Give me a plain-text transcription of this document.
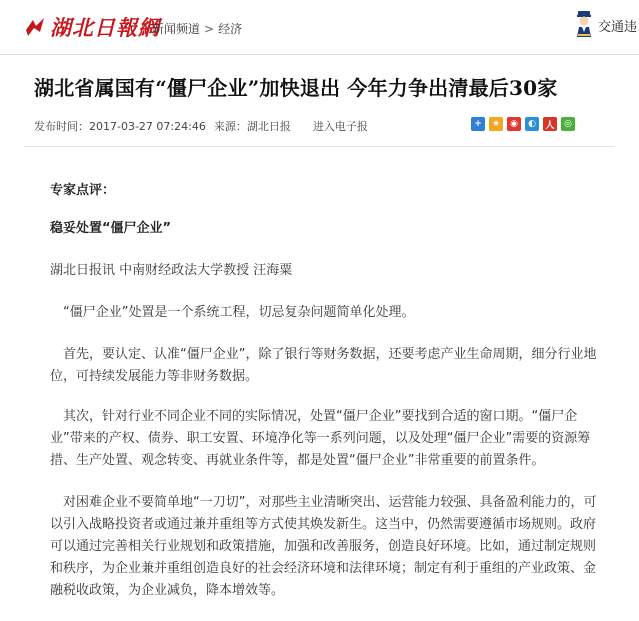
湖北日報網
新闻频道 > 经济	交通违
湖北省属国有“僵尸企业”加快退出 今年力争出清最后30家
发布时间：2017-03-27 07:24:46 来源：湖北日报 进入电子报	+	★	◉	◐	人	◎

专家点评：

稳妥处置“僵尸企业”

湖北日报讯 中南财经政法大学教授 汪海粟

“僵尸企业”处置是一个系统工程，切忌复杂问题简单化处理。

首先，要认定、认准“僵尸企业”，除了银行等财务数据，还要考虑产业生命周期，细分行业地位，可持续发展能力等非财务数据。

其次，针对行业不同企业不同的实际情况，处置“僵尸企业”要找到合适的窗口期。“僵尸企业”带来的产权、债券、职工安置、环境净化等一系列问题，以及处理“僵尸企业”需要的资源筹措、生产处置、观念转变、再就业条件等，都是处置“僵尸企业”非常重要的前置条件。

对困难企业不要简单地“一刀切”，对那些主业清晰突出、运营能力较强、具备盈利能力的，可以引入战略投资者或通过兼并重组等方式使其焕发新生。这当中，仍然需要遵循市场规则。政府可以通过完善相关行业规划和政策措施，加强和改善服务，创造良好环境。比如，通过制定规则和秩序，为企业兼并重组创造良好的社会经济环境和法律环境；制定有利于重组的产业政策、金融税收政策，为企业减负，降本增效等。
